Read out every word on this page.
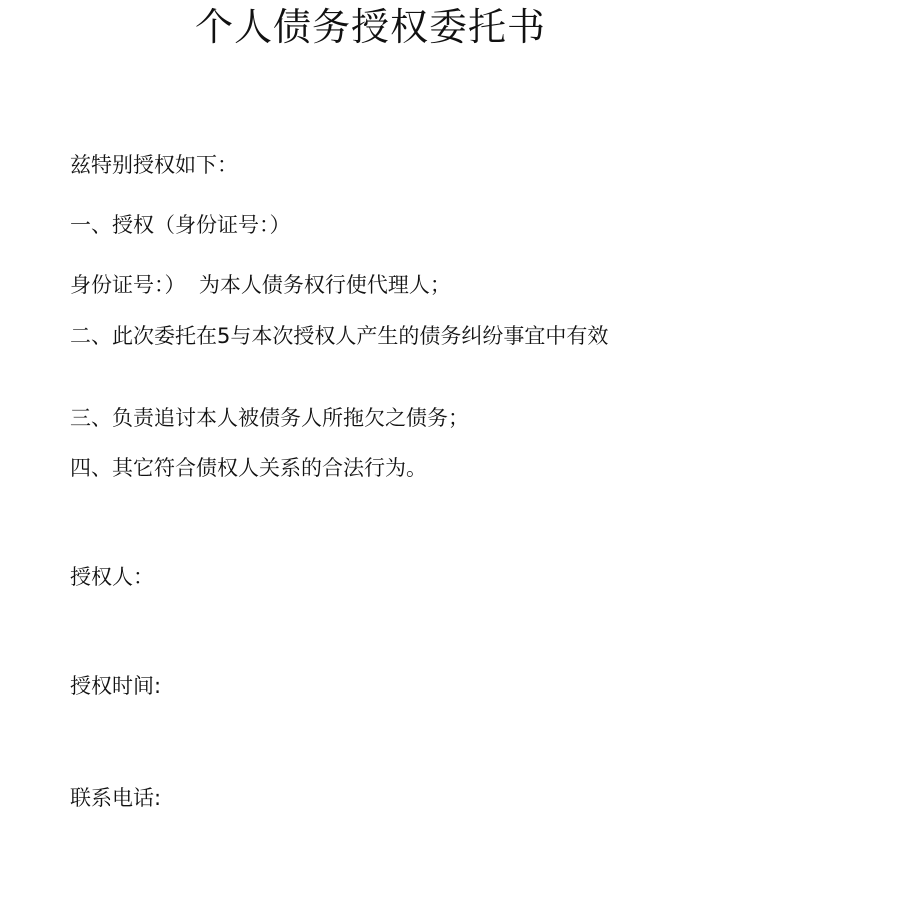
个人债务授权委托书
兹特别授权如下：
一、授权（身份证号：）
身份证号：）  为本人债务权行使代理人；
二、此次委托在5与本次授权人产生的债务纠纷事宜中有效
三、负责追讨本人被债务人所拖欠之债务；
四、其它符合债权人关系的合法行为。
授权人：
授权时间:
联系电话:
